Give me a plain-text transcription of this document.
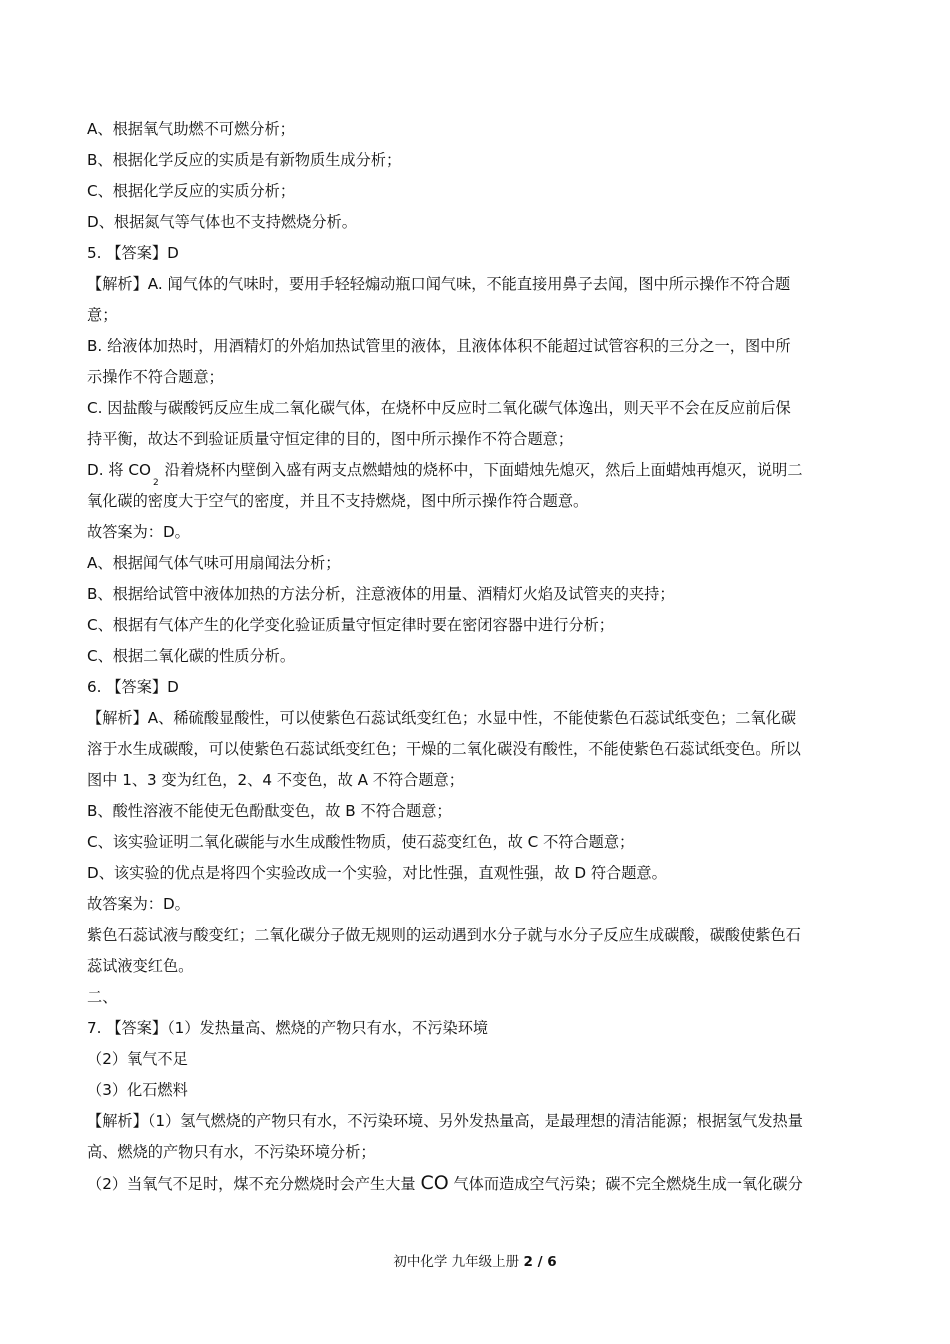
A、根据氧气助燃不可燃分析；
B、根据化学反应的实质是有新物质生成分析；
C、根据化学反应的实质分析；
D、根据氮气等气体也不支持燃烧分析。
5. 【答案】D
【解析】A. 闻气体的气味时，要用手轻轻煽动瓶口闻气味，不能直接用鼻子去闻，图中所示操作不符合题
意；
B. 给液体加热时，用酒精灯的外焰加热试管里的液体，且液体体积不能超过试管容积的三分之一，图中所
示操作不符合题意；
C. 因盐酸与碳酸钙反应生成二氧化碳气体，在烧杯中反应时二氧化碳气体逸出，则天平不会在反应前后保
持平衡，故达不到验证质量守恒定律的目的，图中所示操作不符合题意；
D. 将 $CO_2$沿着烧杯内壁倒入盛有两支点燃蜡烛的烧杯中，下面蜡烛先熄灭，然后上面蜡烛再熄灭，说明二
氧化碳的密度大于空气的密度，并且不支持燃烧，图中所示操作符合题意。
故答案为：D。
A、根据闻气体气味可用扇闻法分析；
B、根据给试管中液体加热的方法分析，注意液体的用量、酒精灯火焰及试管夹的夹持；
C、根据有气体产生的化学变化验证质量守恒定律时要在密闭容器中进行分析；
C、根据二氧化碳的性质分析。
6. 【答案】D
【解析】A、稀硫酸显酸性，可以使紫色石蕊试纸变红色；水显中性，不能使紫色石蕊试纸变色；二氧化碳
溶于水生成碳酸，可以使紫色石蕊试纸变红色；干燥的二氧化碳没有酸性，不能使紫色石蕊试纸变色。所以
图中 1、3 变为红色，2、4 不变色，故 A 不符合题意；
B、酸性溶液不能使无色酚酞变色，故 B 不符合题意；
C、该实验证明二氧化碳能与水生成酸性物质，使石蕊变红色，故 C 不符合题意；
D、该实验的优点是将四个实验改成一个实验，对比性强，直观性强，故 D 符合题意。
故答案为：D。
紫色石蕊试液与酸变红；二氧化碳分子做无规则的运动遇到水分子就与水分子反应生成碳酸，碳酸使紫色石
蕊试液变红色。
二、
7. 【答案】（1）发热量高、燃烧的产物只有水，不污染环境
（2）氧气不足
（3）化石燃料
【解析】（1）氢气燃烧的产物只有水，不污染环境、另外发热量高，是最理想的清洁能源；根据氢气发热量
高、燃烧的产物只有水，不污染环境分析；
（2）当氧气不足时，煤不充分燃烧时会产生大量 CO 气体而造成空气污染；碳不完全燃烧生成一氧化碳分
初中化学 九年级上册 2 / 6
